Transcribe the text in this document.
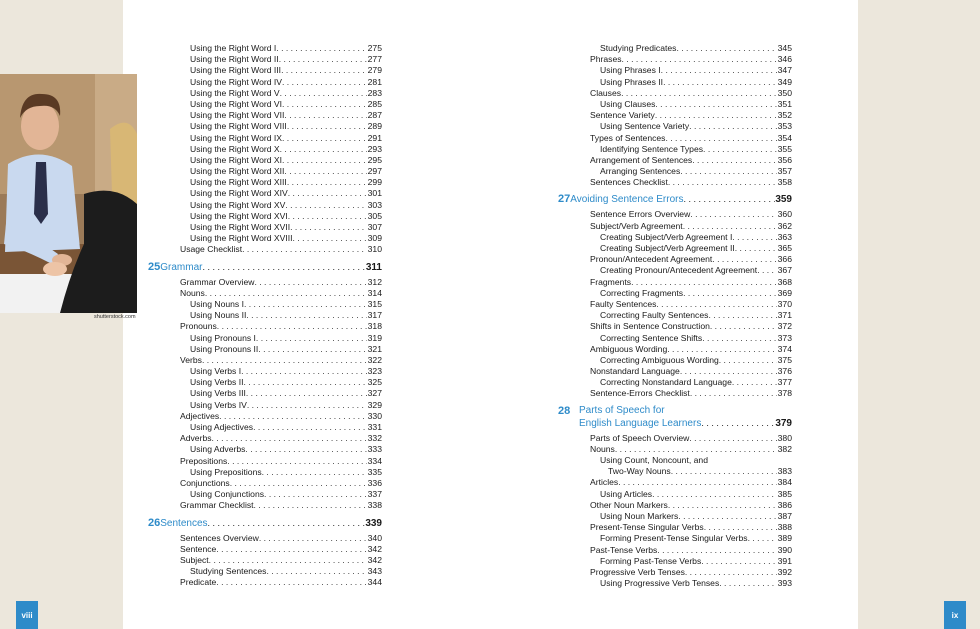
shutterstock.com
Using the Right Word I . . .	275
Using the Right Word II . . .	277
Using the Right Word III . . .	279
Using the Right Word IV . . .	281
Using the Right Word V . . .	283
Using the Right Word VI . . .	285
Using the Right Word VII . . .	287
Using the Right Word VIII . . .	289
Using the Right Word IX . . .	291
Using the Right Word X . . .	293
Using the Right Word XI . . .	295
Using the Right Word XII . . .	297
Using the Right Word XIII . . .	299
Using the Right Word XIV . . .	301
Using the Right Word XV . . .	303
Using the Right Word XVI . . .	305
Using the Right Word XVII . . .	307
Using the Right Word XVIII . . .	309
Usage Checklist . . .	310
25 Grammar . . .	311
Grammar Overview . . .	312
Nouns . . .	314
Using Nouns I . . .	315
Using Nouns II . . .	317
Pronouns . . .	318
Using Pronouns I . . .	319
Using Pronouns II . . .	321
Verbs . . .	322
Using Verbs I . . .	323
Using Verbs II . . .	325
Using Verbs III . . .	327
Using Verbs IV . . .	329
Adjectives . . .	330
Using Adjectives . . .	331
Adverbs . . .	332
Using Adverbs . . .	333
Prepositions . . .	334
Using Prepositions . . .	335
Conjunctions . . .	336
Using Conjunctions . . .	337
Grammar Checklist . . .	338
26 Sentences . . .	339
Sentences Overview . . .	340
Sentence . . .	342
Subject . . .	342
Studying Sentences . . .	343
Predicate . . .	344
Studying Predicates . . .	345
Phrases . . .	346
Using Phrases I . . .	347
Using Phrases II . . .	349
Clauses . . .	350
Using Clauses . . .	351
Sentence Variety . . .	352
Using Sentence Variety . . .	353
Types of Sentences . . .	354
Identifying Sentence Types . . .	355
Arrangement of Sentences . . .	356
Arranging Sentences . . .	357
Sentences Checklist . . .	358
27 Avoiding Sentence Errors . . .	359
Sentence Errors Overview . . .	360
Subject/Verb Agreement . . .	362
Creating Subject/Verb Agreement I . . .	363
Creating Subject/Verb Agreement II . . .	365
Pronoun/Antecedent Agreement . . .	366
Creating Pronoun/Antecedent Agreement . . . 367
Fragments . . .	368
Correcting Fragments . . .	369
Faulty Sentences . . .	370
Correcting Faulty Sentences . . .	371
Shifts in Sentence Construction . . .	372
Correcting Sentence Shifts . . .	373
Ambiguous Wording . . .	374
Correcting Ambiguous Wording . . .	375
Nonstandard Language . . .	376
Correcting Nonstandard Language . . .	377
Sentence-Errors Checklist . . .	378
28 Parts of Speech for
English Language Learners . . .	379
Parts of Speech Overview . . .	380
Nouns . . .	382
Using Count, Noncount, and
Two-Way Nouns . . .	383
Articles . . .	384
Using Articles . . .	385
Other Noun Markers . . .	386
Using Noun Markers . . .	387
Present-Tense Singular Verbs . . .	388
Forming Present-Tense Singular Verbs . . .	389
Past-Tense Verbs . . .	390
Forming Past-Tense Verbs . . .	391
Progressive Verb Tenses . . .	392
Using Progressive Verb Tenses . . .	393
viii	ix
